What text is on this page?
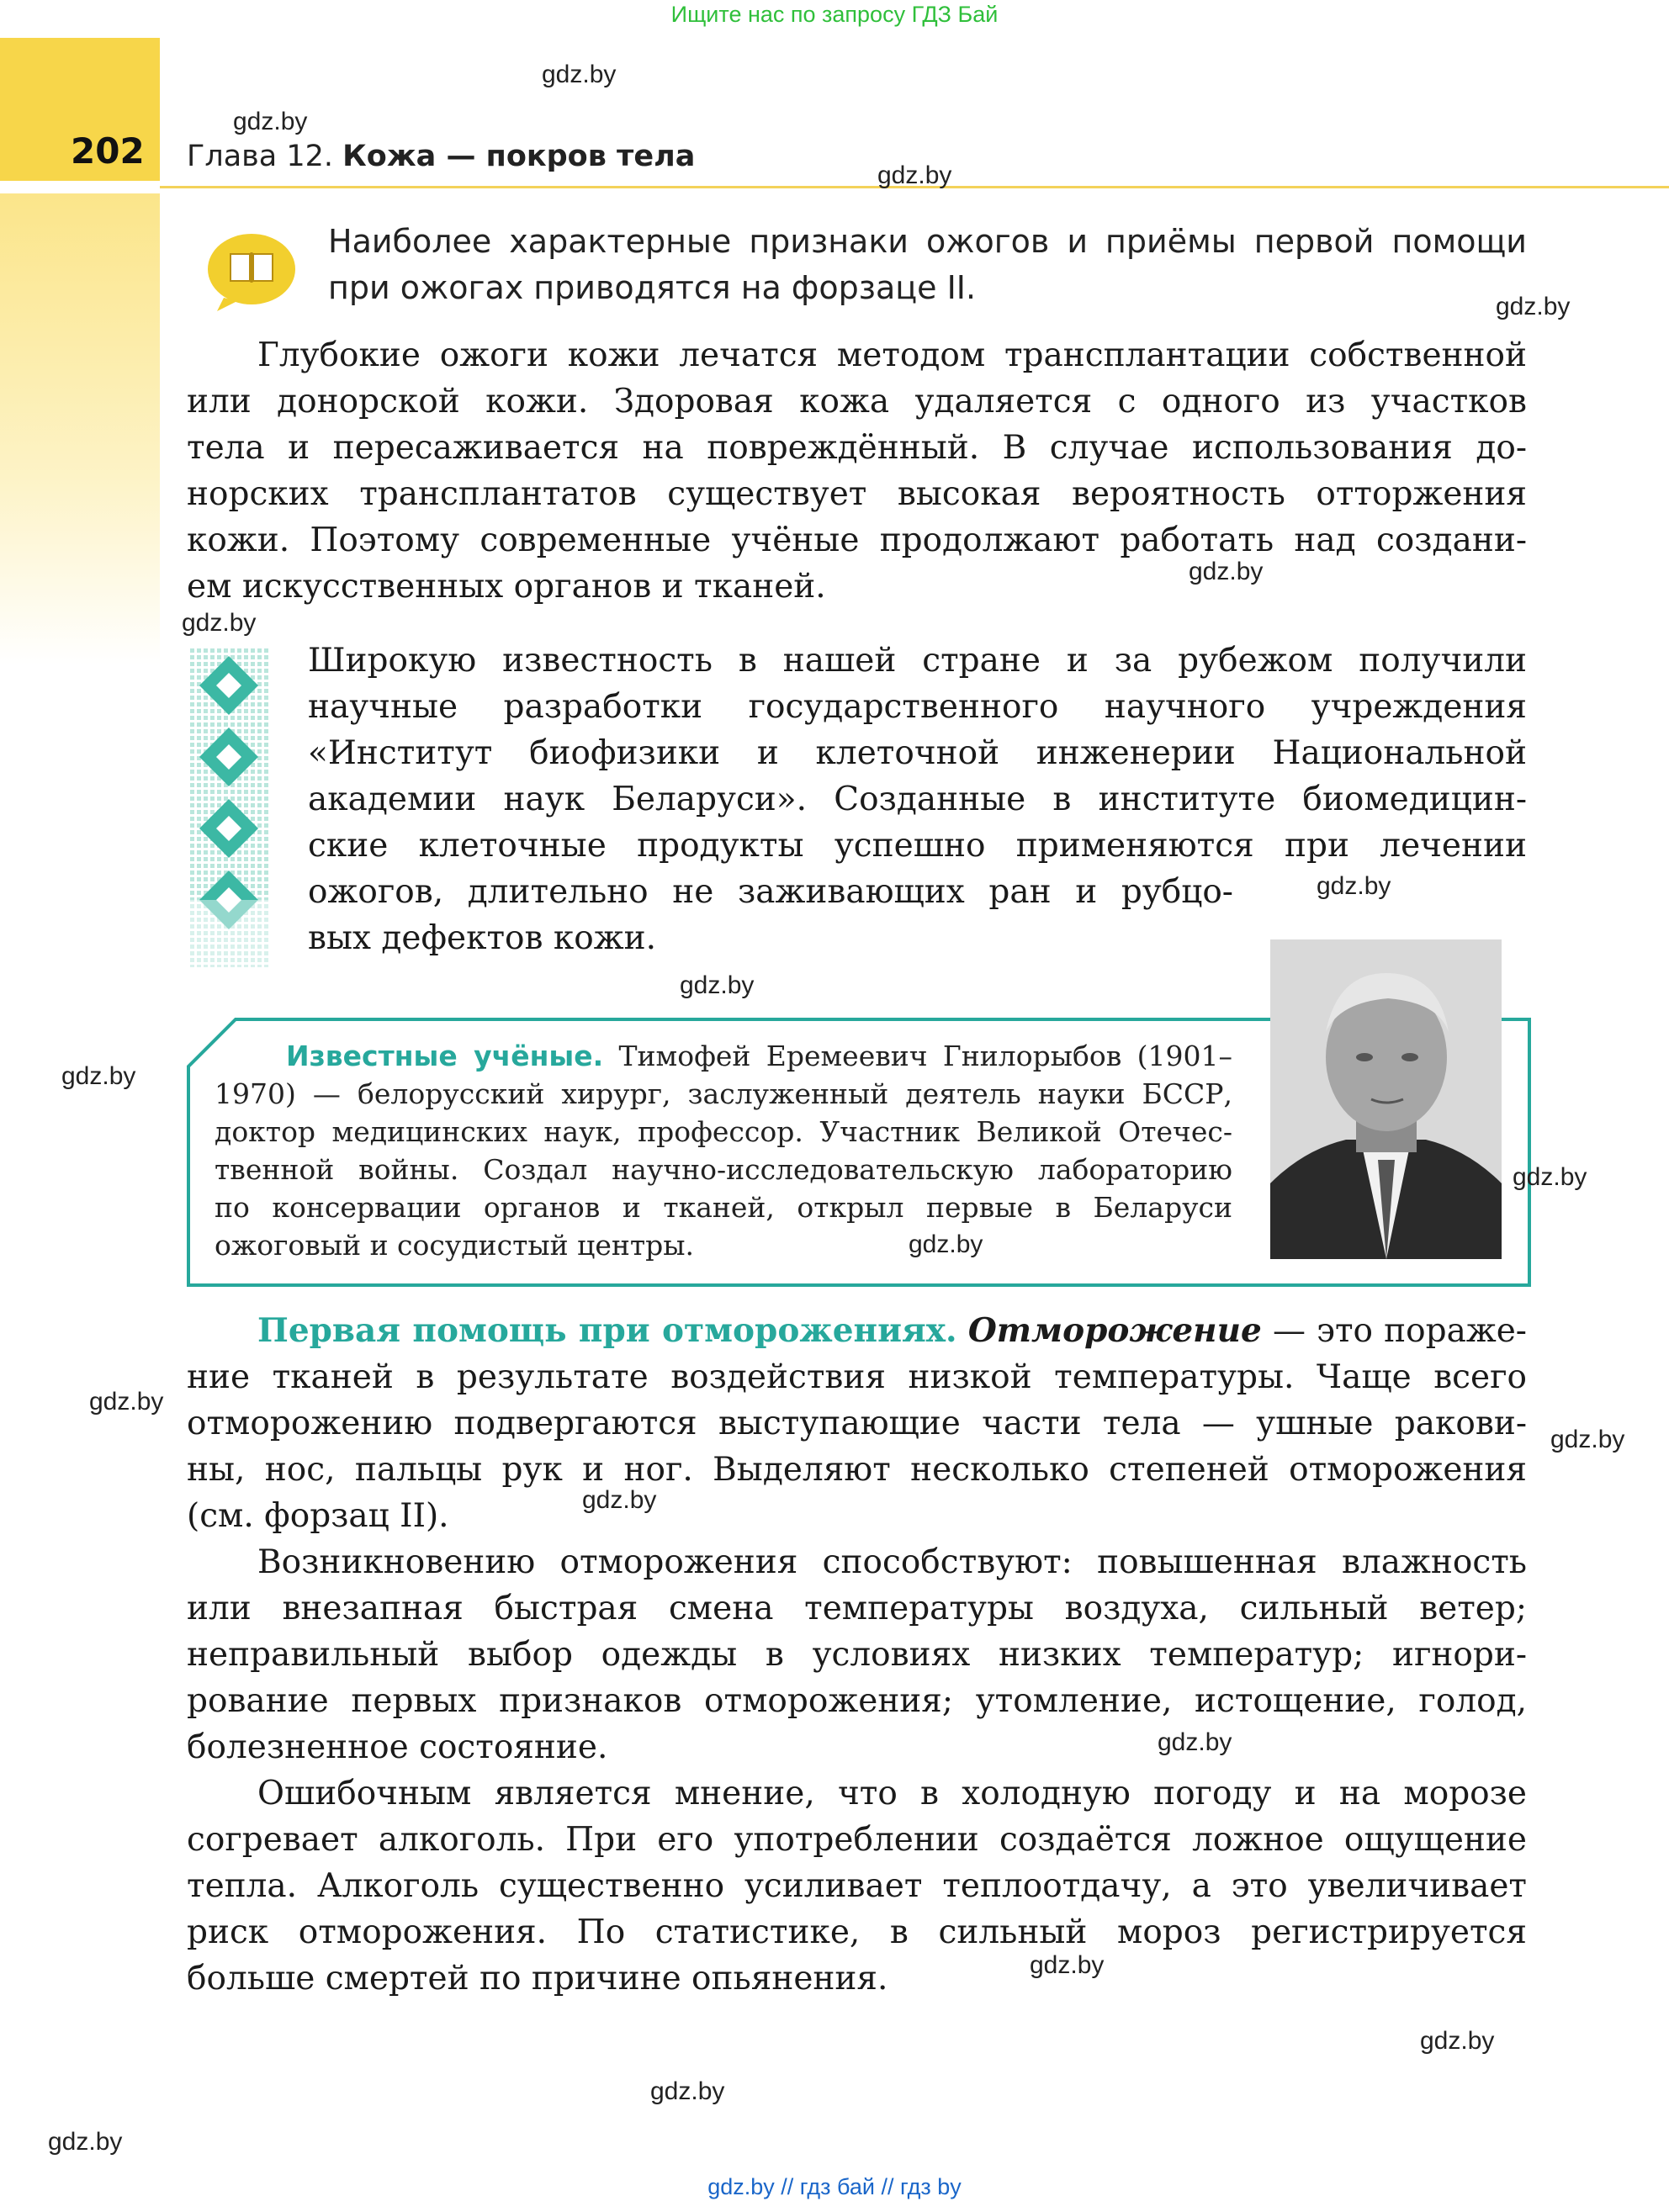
Ищите нас по запросу ГДЗ Бай
202 Глава 12. Кожа — покров тела
Наиболее характерные признаки ожогов и приёмы первой помощи
при ожогах приводятся на форзаце II.
Глубокие ожоги кожи лечатся методом трансплантации собственной
или донорской кожи. Здоровая кожа удаляется с одного из участков
тела и пересаживается на повреждённый. В случае использования до-
норских трансплантатов существует высокая вероятность отторжения
кожи. Поэтому современные учёные продолжают работать над создани-
ем искусственных органов и тканей.
Широкую известность в нашей стране и за рубежом получили
научные разработки государственного научного учреждения
«Институт биофизики и клеточной инженерии Национальной
академии наук Беларуси». Созданные в институте биомедицин-
ские клеточные продукты успешно применяются при лечении
ожогов, длительно не заживающих ран и рубцо-
вых дефектов кожи.
Известные учёные. Тимофей Еремеевич Гнилорыбов (1901–
1970) — белорусский хирург, заслуженный деятель науки БССР,
доктор медицинских наук, профессор. Участник Великой Отечес-
твенной войны. Создал научно-исследовательскую лабораторию
по консервации органов и тканей, открыл первые в Беларуси
ожоговый и сосудистый центры.
Первая помощь при отморожениях. Отморожение — это пораже-
ние тканей в результате воздействия низкой температуры. Чаще всего
отморожению подвергаются выступающие части тела — ушные ракови-
ны, нос, пальцы рук и ног. Выделяют несколько степеней отморожения
(см. форзац II).
Возникновению отморожения способствуют: повышенная влажность
или внезапная быстрая смена температуры воздуха, сильный ветер;
неправильный выбор одежды в условиях низких температур; игнори-
рование первых признаков отморожения; утомление, истощение, голод,
болезненное состояние.
Ошибочным является мнение, что в холодную погоду и на морозе
согревает алкоголь. При его употреблении создаётся ложное ощущение
тепла. Алкоголь существенно усиливает теплоотдачу, а это увеличивает
риск отморожения. По статистике, в сильный мороз регистрируется
больше смертей по причине опьянения.
gdz.by
gdz.by
gdz.by
gdz.by
gdz.by
gdz.by
gdz.by
gdz.by
gdz.by
gdz.by
gdz.by
gdz.by
gdz.by
gdz.by
gdz.by
gdz.by
gdz.by
gdz.by
gdz.by
gdz.by // гдз бай // гдз by
